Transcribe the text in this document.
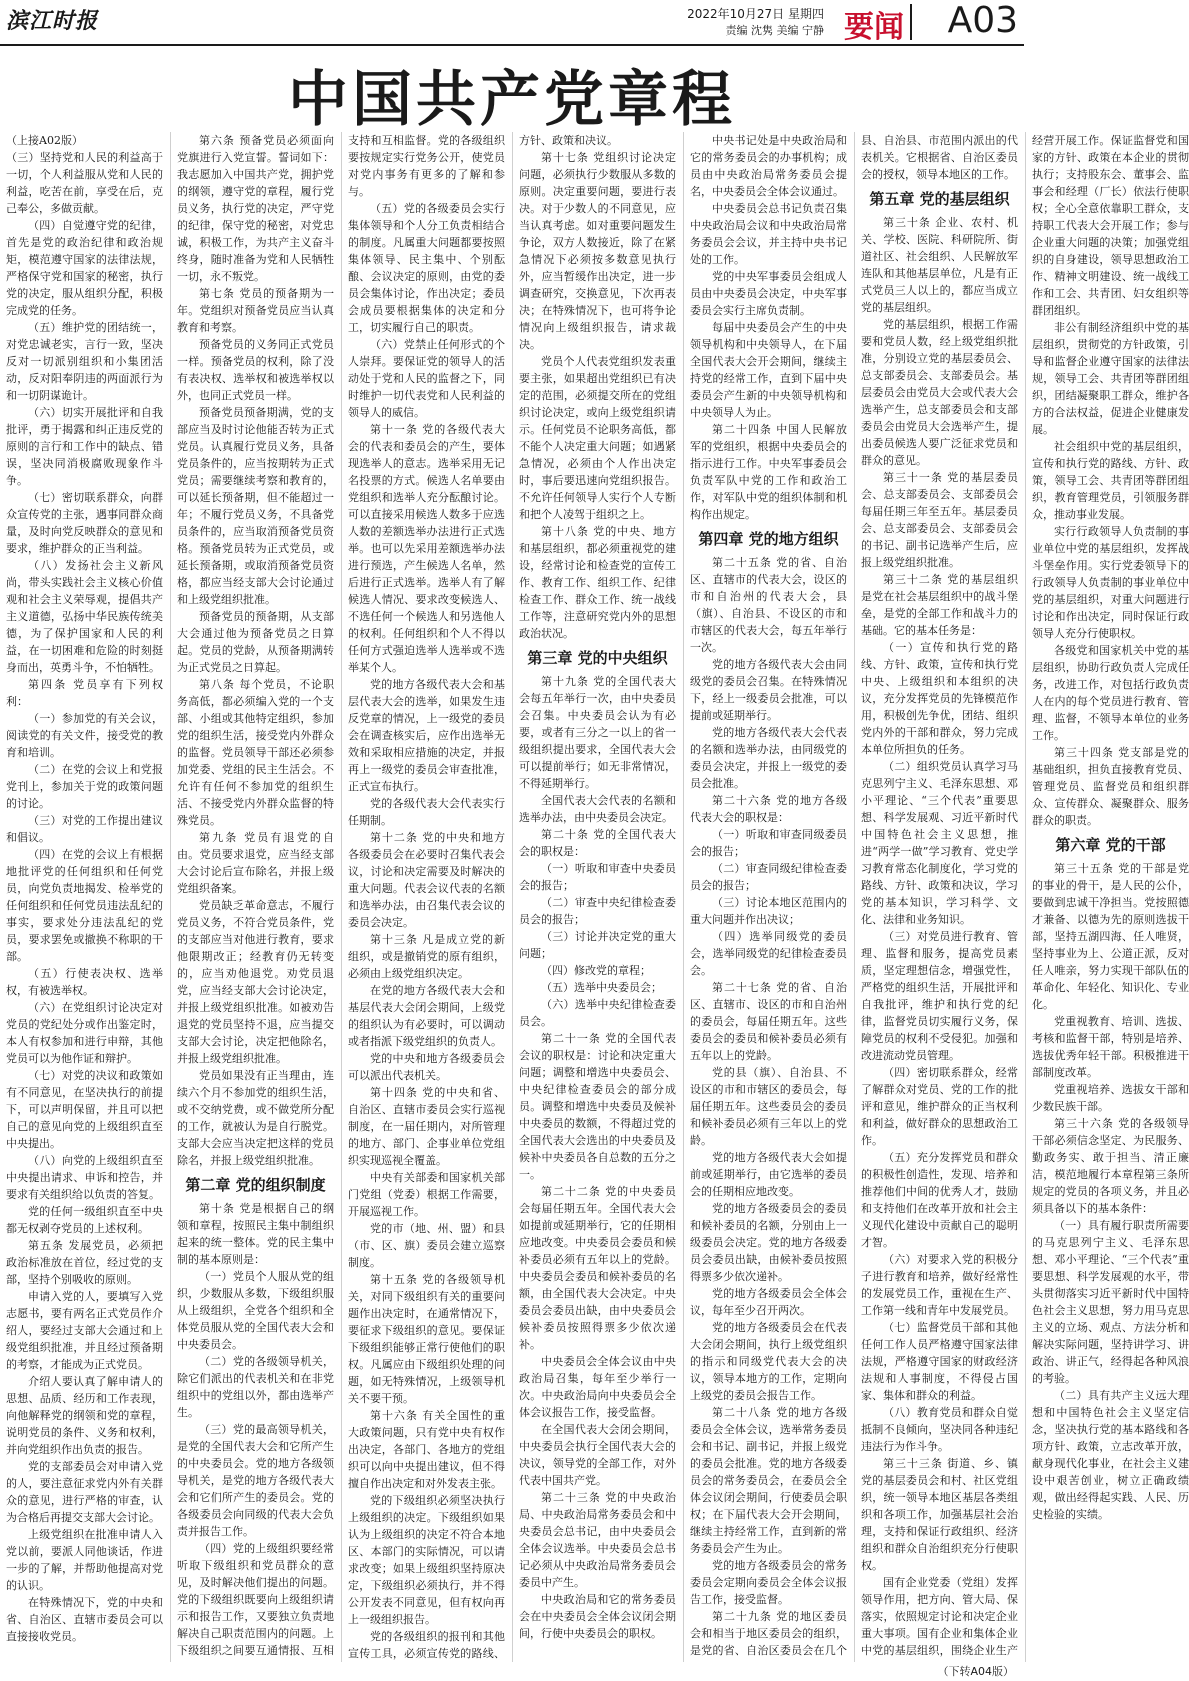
滨江时报	2022年10月27日 星期四
责编 沈隽 美编 宁静 要闻 A03
中国共产党章程

（上接A02版）

（三）坚持党和人民的利益高于一切，个人利益服从党和人民的利益，吃苦在前，享受在后，克己奉公，多做贡献。

（四）自觉遵守党的纪律，首先是党的政治纪律和政治规矩，模范遵守国家的法律法规，严格保守党和国家的秘密，执行党的决定，服从组织分配，积极完成党的任务。

（五）维护党的团结统一，对党忠诚老实，言行一致，坚决反对一切派别组织和小集团活动，反对阳奉阴违的两面派行为和一切阴谋诡计。

（六）切实开展批评和自我批评，勇于揭露和纠正违反党的原则的言行和工作中的缺点、错误，坚决同消极腐败现象作斗争。

（七）密切联系群众，向群众宣传党的主张，遇事同群众商量，及时向党反映群众的意见和要求，维护群众的正当利益。

（八）发扬社会主义新风尚，带头实践社会主义核心价值观和社会主义荣辱观，提倡共产主义道德，弘扬中华民族传统美德，为了保护国家和人民的利益，在一切困难和危险的时刻挺身而出，英勇斗争，不怕牺牲。

第四条 党员享有下列权利：

（一）参加党的有关会议，阅读党的有关文件，接受党的教育和培训。

（二）在党的会议上和党报党刊上，参加关于党的政策问题的讨论。

（三）对党的工作提出建议和倡议。

（四）在党的会议上有根据地批评党的任何组织和任何党员，向党负责地揭发、检举党的任何组织和任何党员违法乱纪的事实，要求处分违法乱纪的党员，要求罢免或撤换不称职的干部。

（五）行使表决权、选举权，有被选举权。

（六）在党组织讨论决定对党员的党纪处分或作出鉴定时，本人有权参加和进行申辩，其他党员可以为他作证和辩护。

（七）对党的决议和政策如有不同意见，在坚决执行的前提下，可以声明保留，并且可以把自己的意见向党的上级组织直至中央提出。

（八）向党的上级组织直至中央提出请求、申诉和控告，并要求有关组织给以负责的答复。

党的任何一级组织直至中央都无权剥夺党员的上述权利。

第五条 发展党员，必须把政治标准放在首位，经过党的支部，坚持个别吸收的原则。

申请入党的人，要填写入党志愿书，要有两名正式党员作介绍人，要经过支部大会通过和上级党组织批准，并且经过预备期的考察，才能成为正式党员。

介绍人要认真了解申请人的思想、品质、经历和工作表现，向他解释党的纲领和党的章程，说明党员的条件、义务和权利，并向党组织作出负责的报告。

党的支部委员会对申请入党的人，要注意征求党内外有关群众的意见，进行严格的审查，认为合格后再提交支部大会讨论。

上级党组织在批准申请人入党以前，要派人同他谈话，作进一步的了解，并帮助他提高对党的认识。

在特殊情况下，党的中央和省、自治区、直辖市委员会可以直接接收党员。

第六条 预备党员必须面向党旗进行入党宣誓。誓词如下：我志愿加入中国共产党，拥护党的纲领，遵守党的章程，履行党员义务，执行党的决定，严守党的纪律，保守党的秘密，对党忠诚，积极工作，为共产主义奋斗终身，随时准备为党和人民牺牲一切，永不叛党。

第七条 党员的预备期为一年。党组织对预备党员应当认真教育和考察。

预备党员的义务同正式党员一样。预备党员的权利，除了没有表决权、选举权和被选举权以外，也同正式党员一样。

预备党员预备期满，党的支部应当及时讨论他能否转为正式党员。认真履行党员义务，具备党员条件的，应当按期转为正式党员；需要继续考察和教育的，可以延长预备期，但不能超过一年；不履行党员义务，不具备党员条件的，应当取消预备党员资格。预备党员转为正式党员，或延长预备期，或取消预备党员资格，都应当经支部大会讨论通过和上级党组织批准。

预备党员的预备期，从支部大会通过他为预备党员之日算起。党员的党龄，从预备期满转为正式党员之日算起。

第八条 每个党员，不论职务高低，都必须编入党的一个支部、小组或其他特定组织，参加党的组织生活，接受党内外群众的监督。党员领导干部还必须参加党委、党组的民主生活会。不允许有任何不参加党的组织生活、不接受党内外群众监督的特殊党员。

第九条 党员有退党的自由。党员要求退党，应当经支部大会讨论后宣布除名，并报上级党组织备案。

党员缺乏革命意志，不履行党员义务，不符合党员条件，党的支部应当对他进行教育，要求他限期改正；经教育仍无转变的，应当劝他退党。劝党员退党，应当经支部大会讨论决定，并报上级党组织批准。如被劝告退党的党员坚持不退，应当提交支部大会讨论，决定把他除名，并报上级党组织批准。

党员如果没有正当理由，连续六个月不参加党的组织生活，或不交纳党费，或不做党所分配的工作，就被认为是自行脱党。支部大会应当决定把这样的党员除名，并报上级党组织批准。

第二章 党的组织制度

第十条 党是根据自己的纲领和章程，按照民主集中制组织起来的统一整体。党的民主集中制的基本原则是：

（一）党员个人服从党的组织，少数服从多数，下级组织服从上级组织，全党各个组织和全体党员服从党的全国代表大会和中央委员会。

（二）党的各级领导机关，除它们派出的代表机关和在非党组织中的党组以外，都由选举产生。

（三）党的最高领导机关，是党的全国代表大会和它所产生的中央委员会。党的地方各级领导机关，是党的地方各级代表大会和它们所产生的委员会。党的各级委员会向同级的代表大会负责并报告工作。

（四）党的上级组织要经常听取下级组织和党员群众的意见，及时解决他们提出的问题。党的下级组织既要向上级组织请示和报告工作，又要独立负责地解决自己职责范围内的问题。上下级组织之间要互通情报、互相支持和互相监督。党的各级组织要按规定实行党务公开，使党员对党内事务有更多的了解和参与。

（五）党的各级委员会实行集体领导和个人分工负责相结合的制度。凡属重大问题都要按照集体领导、民主集中、个别酝酿、会议决定的原则，由党的委员会集体讨论，作出决定；委员会成员要根据集体的决定和分工，切实履行自己的职责。

（六）党禁止任何形式的个人崇拜。要保证党的领导人的活动处于党和人民的监督之下，同时维护一切代表党和人民利益的领导人的威信。

第十一条 党的各级代表大会的代表和委员会的产生，要体现选举人的意志。选举采用无记名投票的方式。候选人名单要由党组织和选举人充分酝酿讨论。可以直接采用候选人数多于应选人数的差额选举办法进行正式选举。也可以先采用差额选举办法进行预选，产生候选人名单，然后进行正式选举。选举人有了解候选人情况、要求改变候选人、不选任何一个候选人和另选他人的权利。任何组织和个人不得以任何方式强迫选举人选举或不选举某个人。

党的地方各级代表大会和基层代表大会的选举，如果发生违反党章的情况，上一级党的委员会在调查核实后，应作出选举无效和采取相应措施的决定，并报再上一级党的委员会审查批准，正式宣布执行。

党的各级代表大会代表实行任期制。

第十二条 党的中央和地方各级委员会在必要时召集代表会议，讨论和决定需要及时解决的重大问题。代表会议代表的名额和选举办法，由召集代表会议的委员会决定。

第十三条 凡是成立党的新组织，或是撤销党的原有组织，必须由上级党组织决定。

在党的地方各级代表大会和基层代表大会闭会期间，上级党的组织认为有必要时，可以调动或者指派下级党组织的负责人。

党的中央和地方各级委员会可以派出代表机关。

第十四条 党的中央和省、自治区、直辖市委员会实行巡视制度，在一届任期内，对所管理的地方、部门、企事业单位党组织实现巡视全覆盖。

中央有关部委和国家机关部门党组（党委）根据工作需要，开展巡视工作。

党的市（地、州、盟）和县（市、区、旗）委员会建立巡察制度。

第十五条 党的各级领导机关，对同下级组织有关的重要问题作出决定时，在通常情况下，要征求下级组织的意见。要保证下级组织能够正常行使他们的职权。凡属应由下级组织处理的问题，如无特殊情况，上级领导机关不要干预。

第十六条 有关全国性的重大政策问题，只有党中央有权作出决定，各部门、各地方的党组织可以向中央提出建议，但不得擅自作出决定和对外发表主张。

党的下级组织必须坚决执行上级组织的决定。下级组织如果认为上级组织的决定不符合本地区、本部门的实际情况，可以请求改变；如果上级组织坚持原决定，下级组织必须执行，并不得公开发表不同意见，但有权向再上一级组织报告。

党的各级组织的报刊和其他宣传工具，必须宣传党的路线、方针、政策和决议。

第十七条 党组织讨论决定问题，必须执行少数服从多数的原则。决定重要问题，要进行表决。对于少数人的不同意见，应当认真考虑。如对重要问题发生争论，双方人数接近，除了在紧急情况下必须按多数意见执行外，应当暂缓作出决定，进一步调查研究，交换意见，下次再表决；在特殊情况下，也可将争论情况向上级组织报告，请求裁决。

党员个人代表党组织发表重要主张，如果超出党组织已有决定的范围，必须提交所在的党组织讨论决定，或向上级党组织请示。任何党员不论职务高低，都不能个人决定重大问题；如遇紧急情况，必须由个人作出决定时，事后要迅速向党组织报告。不允许任何领导人实行个人专断和把个人凌驾于组织之上。

第十八条 党的中央、地方和基层组织，都必须重视党的建设，经常讨论和检查党的宣传工作、教育工作、组织工作、纪律检查工作、群众工作、统一战线工作等，注意研究党内外的思想政治状况。

第三章 党的中央组织

第十九条 党的全国代表大会每五年举行一次，由中央委员会召集。中央委员会认为有必要，或者有三分之一以上的省一级组织提出要求，全国代表大会可以提前举行；如无非常情况，不得延期举行。

全国代表大会代表的名额和选举办法，由中央委员会决定。

第二十条 党的全国代表大会的职权是：

（一）听取和审查中央委员会的报告；

（二）审查中央纪律检查委员会的报告；

（三）讨论并决定党的重大问题；

（四）修改党的章程；

（五）选举中央委员会；

（六）选举中央纪律检查委员会。

第二十一条 党的全国代表会议的职权是：讨论和决定重大问题；调整和增选中央委员会、中央纪律检查委员会的部分成员。调整和增选中央委员及候补中央委员的数额，不得超过党的全国代表大会选出的中央委员及候补中央委员各自总数的五分之一。

第二十二条 党的中央委员会每届任期五年。全国代表大会如提前或延期举行，它的任期相应地改变。中央委员会委员和候补委员必须有五年以上的党龄。中央委员会委员和候补委员的名额，由全国代表大会决定。中央委员会委员出缺，由中央委员会候补委员按照得票多少依次递补。

中央委员会全体会议由中央政治局召集，每年至少举行一次。中央政治局向中央委员会全体会议报告工作，接受监督。

在全国代表大会闭会期间，中央委员会执行全国代表大会的决议，领导党的全部工作，对外代表中国共产党。

第二十三条 党的中央政治局、中央政治局常务委员会和中央委员会总书记，由中央委员会全体会议选举。中央委员会总书记必须从中央政治局常务委员会委员中产生。

中央政治局和它的常务委员会在中央委员会全体会议闭会期间，行使中央委员会的职权。

中央书记处是中央政治局和它的常务委员会的办事机构；成员由中央政治局常务委员会提名，中央委员会全体会议通过。

中央委员会总书记负责召集中央政治局会议和中央政治局常务委员会会议，并主持中央书记处的工作。

党的中央军事委员会组成人员由中央委员会决定，中央军事委员会实行主席负责制。

每届中央委员会产生的中央领导机构和中央领导人，在下届全国代表大会开会期间，继续主持党的经常工作，直到下届中央委员会产生新的中央领导机构和中央领导人为止。

第二十四条 中国人民解放军的党组织，根据中央委员会的指示进行工作。中央军事委员会负责军队中党的工作和政治工作，对军队中党的组织体制和机构作出规定。

第四章 党的地方组织

第二十五条 党的省、自治区、直辖市的代表大会，设区的市和自治州的代表大会，县（旗）、自治县、不设区的市和市辖区的代表大会，每五年举行一次。

党的地方各级代表大会由同级党的委员会召集。在特殊情况下，经上一级委员会批准，可以提前或延期举行。

党的地方各级代表大会代表的名额和选举办法，由同级党的委员会决定，并报上一级党的委员会批准。

第二十六条 党的地方各级代表大会的职权是：

（一）听取和审查同级委员会的报告；

（二）审查同级纪律检查委员会的报告；

（三）讨论本地区范围内的重大问题并作出决议；

（四）选举同级党的委员会，选举同级党的纪律检查委员会。

第二十七条 党的省、自治区、直辖市、设区的市和自治州的委员会，每届任期五年。这些委员会的委员和候补委员必须有五年以上的党龄。

党的县（旗）、自治县、不设区的市和市辖区的委员会，每届任期五年。这些委员会的委员和候补委员必须有三年以上的党龄。

党的地方各级代表大会如提前或延期举行，由它选举的委员会的任期相应地改变。

党的地方各级委员会的委员和候补委员的名额，分别由上一级委员会决定。党的地方各级委员会委员出缺，由候补委员按照得票多少依次递补。

党的地方各级委员会全体会议，每年至少召开两次。

党的地方各级委员会在代表大会闭会期间，执行上级党组织的指示和同级党代表大会的决议，领导本地方的工作，定期向上级党的委员会报告工作。

第二十八条 党的地方各级委员会全体会议，选举常务委员会和书记、副书记，并报上级党的委员会批准。党的地方各级委员会的常务委员会，在委员会全体会议闭会期间，行使委员会职权；在下届代表大会开会期间，继续主持经常工作，直到新的常务委员会产生为止。

党的地方各级委员会的常务委员会定期向委员会全体会议报告工作，接受监督。

第二十九条 党的地区委员会和相当于地区委员会的组织，是党的省、自治区委员会在几个县、自治县、市范围内派出的代表机关。它根据省、自治区委员会的授权，领导本地区的工作。

第五章 党的基层组织

第三十条 企业、农村、机关、学校、医院、科研院所、街道社区、社会组织、人民解放军连队和其他基层单位，凡是有正式党员三人以上的，都应当成立党的基层组织。

党的基层组织，根据工作需要和党员人数，经上级党组织批准，分别设立党的基层委员会、总支部委员会、支部委员会。基层委员会由党员大会或代表大会选举产生，总支部委员会和支部委员会由党员大会选举产生，提出委员候选人要广泛征求党员和群众的意见。

第三十一条 党的基层委员会、总支部委员会、支部委员会每届任期三年至五年。基层委员会、总支部委员会、支部委员会的书记、副书记选举产生后，应报上级党组织批准。

第三十二条 党的基层组织是党在社会基层组织中的战斗堡垒，是党的全部工作和战斗力的基础。它的基本任务是：

（一）宣传和执行党的路线、方针、政策，宣传和执行党中央、上级组织和本组织的决议，充分发挥党员的先锋模范作用，积极创先争优，团结、组织党内外的干部和群众，努力完成本单位所担负的任务。

（二）组织党员认真学习马克思列宁主义、毛泽东思想、邓小平理论、“三个代表”重要思想、科学发展观、习近平新时代中国特色社会主义思想，推进“两学一做”学习教育、党史学习教育常态化制度化，学习党的路线、方针、政策和决议，学习党的基本知识，学习科学、文化、法律和业务知识。

（三）对党员进行教育、管理、监督和服务，提高党员素质，坚定理想信念，增强党性，严格党的组织生活，开展批评和自我批评，维护和执行党的纪律，监督党员切实履行义务，保障党员的权利不受侵犯。加强和改进流动党员管理。

（四）密切联系群众，经常了解群众对党员、党的工作的批评和意见，维护群众的正当权利和利益，做好群众的思想政治工作。

（五）充分发挥党员和群众的积极性创造性，发现、培养和推荐他们中间的优秀人才，鼓励和支持他们在改革开放和社会主义现代化建设中贡献自己的聪明才智。

（六）对要求入党的积极分子进行教育和培养，做好经常性的发展党员工作，重视在生产、工作第一线和青年中发展党员。

（七）监督党员干部和其他任何工作人员严格遵守国家法律法规，严格遵守国家的财政经济法规和人事制度，不得侵占国家、集体和群众的利益。

（八）教育党员和群众自觉抵制不良倾向，坚决同各种违纪违法行为作斗争。

第三十三条 街道、乡、镇党的基层委员会和村、社区党组织，统一领导本地区基层各类组织和各项工作，加强基层社会治理，支持和保证行政组织、经济组织和群众自治组织充分行使职权。

国有企业党委（党组）发挥领导作用，把方向、管大局、保落实，依照规定讨论和决定企业重大事项。国有企业和集体企业中党的基层组织，围绕企业生产经营开展工作。保证监督党和国家的方针、政策在本企业的贯彻执行；支持股东会、董事会、监事会和经理（厂长）依法行使职权；全心全意依靠职工群众，支持职工代表大会开展工作；参与企业重大问题的决策；加强党组织的自身建设，领导思想政治工作、精神文明建设、统一战线工作和工会、共青团、妇女组织等群团组织。

非公有制经济组织中党的基层组织，贯彻党的方针政策，引导和监督企业遵守国家的法律法规，领导工会、共青团等群团组织，团结凝聚职工群众，维护各方的合法权益，促进企业健康发展。

社会组织中党的基层组织，宣传和执行党的路线、方针、政策，领导工会、共青团等群团组织，教育管理党员，引领服务群众，推动事业发展。

实行行政领导人负责制的事业单位中党的基层组织，发挥战斗堡垒作用。实行党委领导下的行政领导人负责制的事业单位中党的基层组织，对重大问题进行讨论和作出决定，同时保证行政领导人充分行使职权。

各级党和国家机关中党的基层组织，协助行政负责人完成任务，改进工作，对包括行政负责人在内的每个党员进行教育、管理、监督，不领导本单位的业务工作。

第三十四条 党支部是党的基础组织，担负直接教育党员、管理党员、监督党员和组织群众、宣传群众、凝聚群众、服务群众的职责。

第六章 党的干部

第三十五条 党的干部是党的事业的骨干，是人民的公仆，要做到忠诚干净担当。党按照德才兼备、以德为先的原则选拔干部，坚持五湖四海、任人唯贤，坚持事业为上、公道正派，反对任人唯亲，努力实现干部队伍的革命化、年轻化、知识化、专业化。

党重视教育、培训、选拔、考核和监督干部，特别是培养、选拔优秀年轻干部。积极推进干部制度改革。

党重视培养、选拔女干部和少数民族干部。

第三十六条 党的各级领导干部必须信念坚定、为民服务、勤政务实、敢于担当、清正廉洁，模范地履行本章程第三条所规定的党员的各项义务，并且必须具备以下的基本条件：

（一）具有履行职责所需要的马克思列宁主义、毛泽东思想、邓小平理论、“三个代表”重要思想、科学发展观的水平，带头贯彻落实习近平新时代中国特色社会主义思想，努力用马克思主义的立场、观点、方法分析和解决实际问题，坚持讲学习、讲政治、讲正气，经得起各种风浪的考验。

（二）具有共产主义远大理想和中国特色社会主义坚定信念，坚决执行党的基本路线和各项方针、政策，立志改革开放，献身现代化事业，在社会主义建设中艰苦创业，树立正确政绩观，做出经得起实践、人民、历史检验的实绩。

（下转A04版）
